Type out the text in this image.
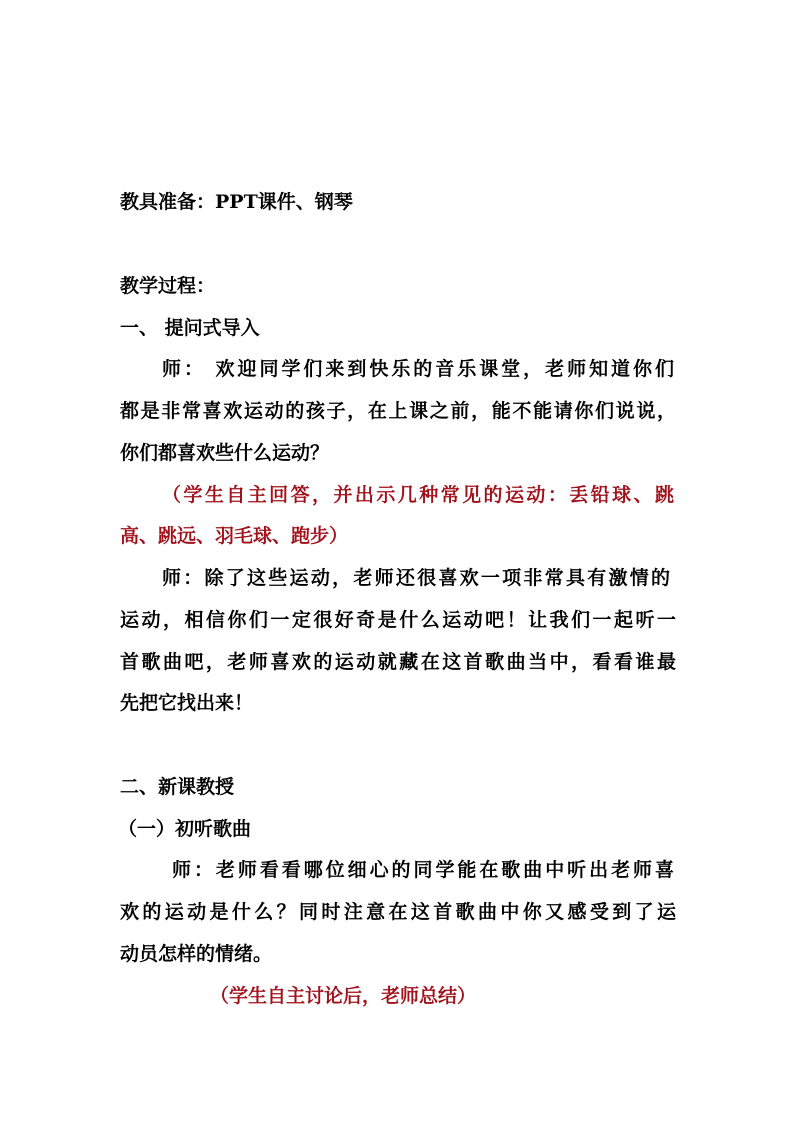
教具准备：PPT课件、钢琴
教学过程：
一、 提问式导入
师： 欢迎同学们来到快乐的音乐课堂，老师知道你们
都是非常喜欢运动的孩子，在上课之前，能不能请你们说说，
你们都喜欢些什么运动？
（学生自主回答，并出示几种常见的运动：丢铅球、跳
高、跳远、羽毛球、跑步）
师：除了这些运动，老师还很喜欢一项非常具有激情的
运动，相信你们一定很好奇是什么运动吧！让我们一起听一
首歌曲吧，老师喜欢的运动就藏在这首歌曲当中，看看谁最
先把它找出来！
二、新课教授
（一）初听歌曲
师：老师看看哪位细心的同学能在歌曲中听出老师喜
欢的运动是什么？同时注意在这首歌曲中你又感受到了运
动员怎样的情绪。
（学生自主讨论后，老师总结）
